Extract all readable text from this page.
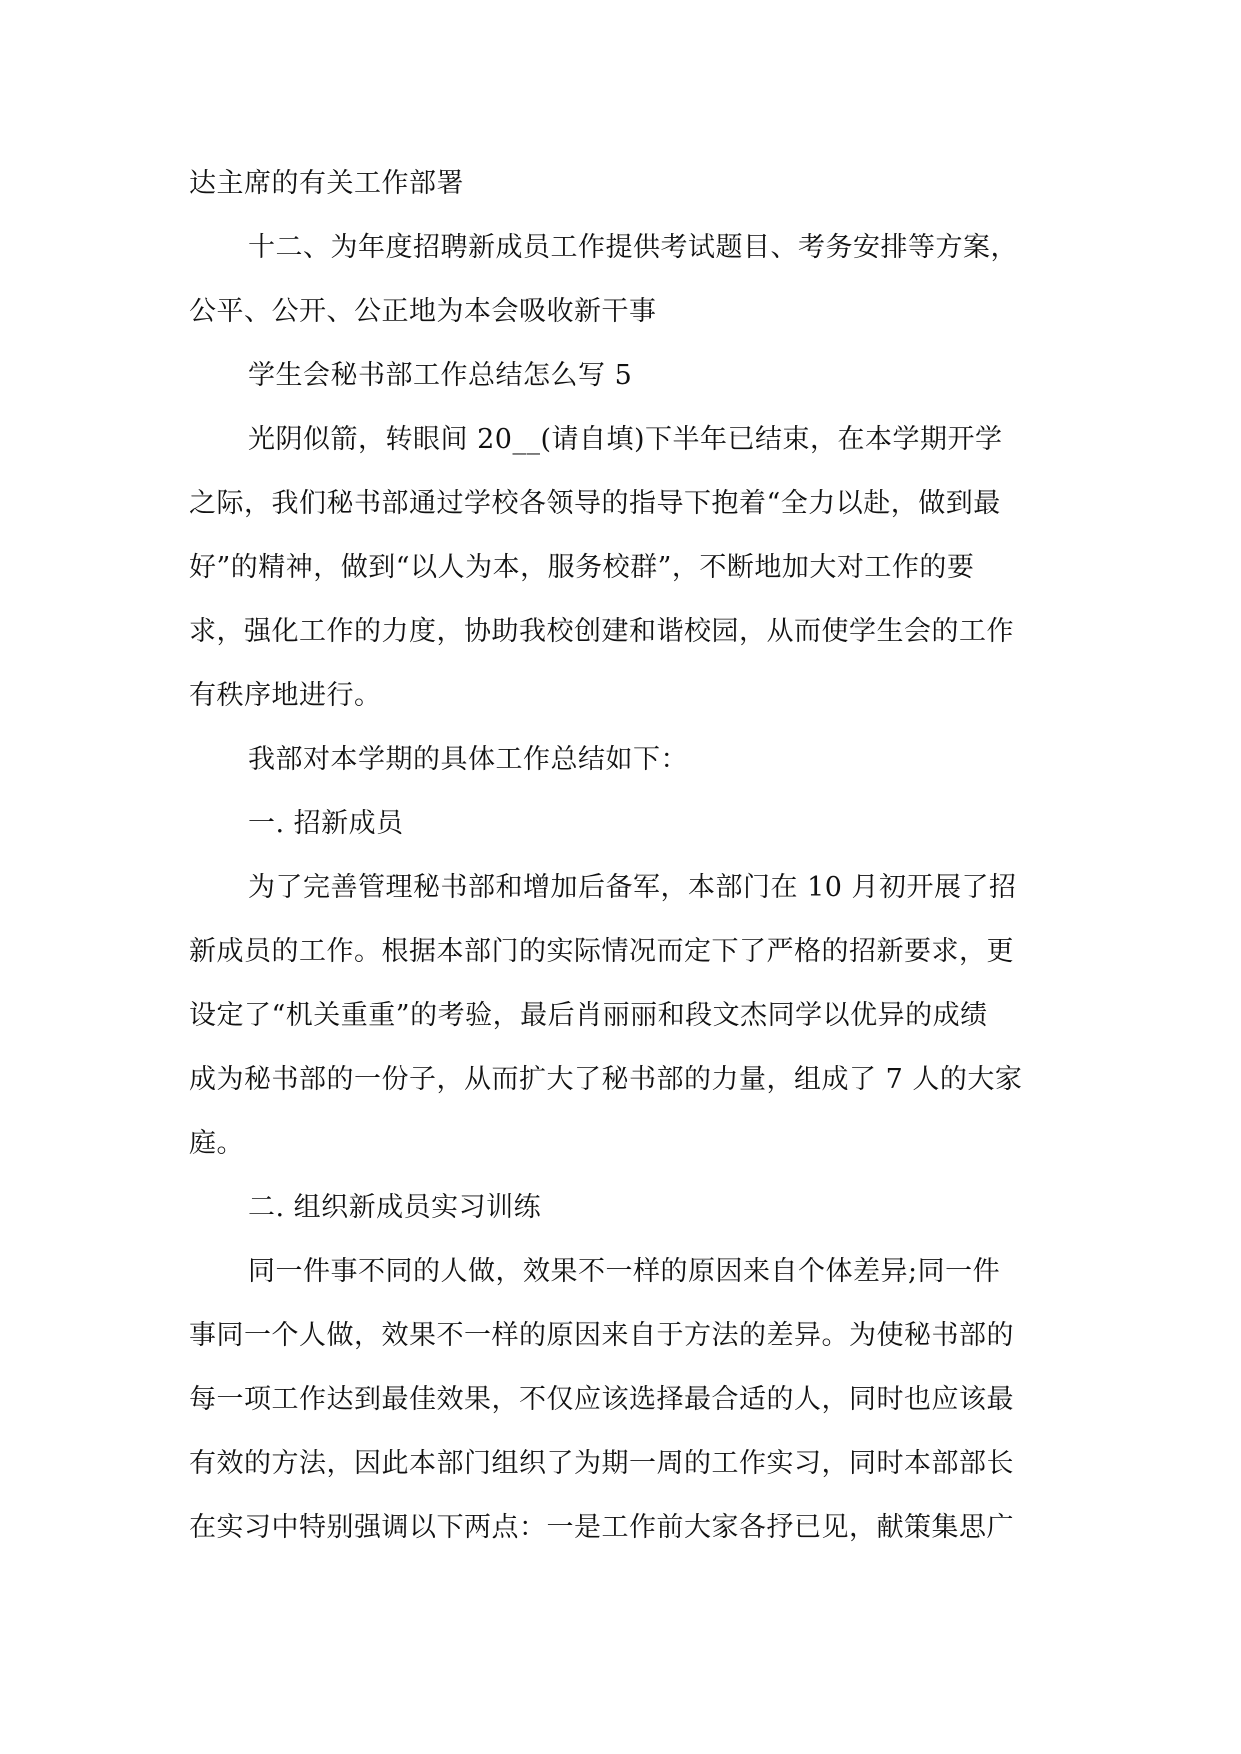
达主席的有关工作部署

十二、为年度招聘新成员工作提供考试题目、考务安排等方案，

公平、公开、公正地为本会吸收新干事

学生会秘书部工作总结怎么写 5

光阴似箭，转眼间 20__(请自填)下半年已结束，在本学期开学

之际，我们秘书部通过学校各领导的指导下抱着“全力以赴，做到最

好”的精神，做到“以人为本，服务校群”，不断地加大对工作的要

求，强化工作的力度，协助我校创建和谐校园，从而使学生会的工作

有秩序地进行。

我部对本学期的具体工作总结如下：

一. 招新成员

为了完善管理秘书部和增加后备军，本部门在 10 月初开展了招

新成员的工作。根据本部门的实际情况而定下了严格的招新要求，更

设定了“机关重重”的考验，最后肖丽丽和段文杰同学以优异的成绩

成为秘书部的一份子，从而扩大了秘书部的力量，组成了 7 人的大家

庭。

二. 组织新成员实习训练

同一件事不同的人做，效果不一样的原因来自个体差异;同一件

事同一个人做，效果不一样的原因来自于方法的差异。为使秘书部的

每一项工作达到最佳效果，不仅应该选择最合适的人，同时也应该最

有效的方法，因此本部门组织了为期一周的工作实习，同时本部部长

在实习中特别强调以下两点：一是工作前大家各抒已见，献策集思广
